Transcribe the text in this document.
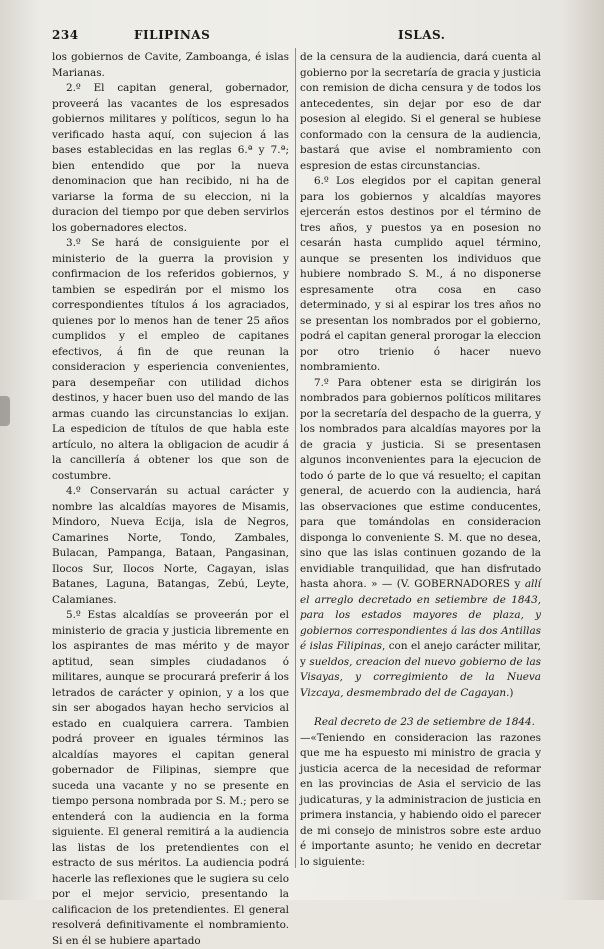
234	FILIPINAS	ISLAS.

los gobiernos de Cavite, Zamboanga, é islas Marianas.

2.º El capitan general, gobernador, proveerá las vacantes de los espresados gobiernos militares y políticos, segun lo ha verificado hasta aquí, con sujecion á las bases establecidas en las reglas 6.ª y 7.ª; bien entendido que por la nueva denominacion que han recibido, ni ha de variarse la forma de su eleccion, ni la duracion del tiempo por que deben servirlos los gobernadores electos.

3.º Se hará de consiguiente por el ministerio de la guerra la provision y confirmacion de los referidos gobiernos, y tambien se espedirán por el mismo los correspondientes títulos á los agraciados, quienes por lo menos han de tener 25 años cumplidos y el empleo de capitanes efectivos, á fin de que reunan la consideracion y esperiencia convenientes, para desempeñar con utilidad dichos destinos, y hacer buen uso del mando de las armas cuando las circunstancias lo exijan. La espedicion de títulos de que habla este artículo, no altera la obligacion de acudir á la cancillería á obtener los que son de costumbre.

4.º Conservarán su actual carácter y nombre las alcaldías mayores de Misamis, Mindoro, Nueva Ecija, isla de Negros, Camarines Norte, Tondo, Zambales, Bulacan, Pampanga, Bataan, Pangasinan, Ilocos Sur, Ilocos Norte, Cagayan, islas Batanes, Laguna, Batangas, Zebú, Leyte, Calamianes.

5.º Estas alcaldías se proveerán por el ministerio de gracia y justicia libremente en los aspirantes de mas mérito y de mayor aptitud, sean simples ciudadanos ó militares, aunque se procurará preferir á los letrados de carácter y opinion, y a los que sin ser abogados hayan hecho servicios al estado en cualquiera carrera. Tambien podrá proveer en iguales términos las alcaldías mayores el capitan general gobernador de Filipinas, siempre que suceda una vacante y no se presente en tiempo persona nombrada por S. M.; pero se entenderá con la audiencia en la forma siguiente. El general remitirá a la audiencia las listas de los pretendientes con el estracto de sus méritos. La audiencia podrá hacerle las reflexiones que le sugiera su celo por el mejor servicio, presentando la calificacion de los pretendientes. El general resolverá definitivamente el nombramiento. Si en él se hubiere apartado

de la censura de la audiencia, dará cuenta al gobierno por la secretaría de gracia y justicia con remision de dicha censura y de todos los antecedentes, sin dejar por eso de dar posesion al elegido. Si el general se hubiese conformado con la censura de la audiencia, bastará que avise el nombramiento con espresion de estas circunstancias.

6.º Los elegidos por el capitan general para los gobiernos y alcaldías mayores ejercerán estos destinos por el término de tres años, y puestos ya en posesion no cesarán hasta cumplido aquel término, aunque se presenten los individuos que hubiere nombrado S. M., á no disponerse espresamente otra cosa en caso determinado, y si al espirar los tres años no se presentan los nombrados por el gobierno, podrá el capitan general prorogar la eleccion por otro trienio ó hacer nuevo nombramiento.

7.º Para obtener esta se dirigirán los nombrados para gobiernos políticos militares por la secretaría del despacho de la guerra, y los nombrados para alcaldías mayores por la de gracia y justicia. Si se presentasen algunos inconvenientes para la ejecucion de todo ó parte de lo que vá resuelto; el capitan general, de acuerdo con la audiencia, hará las observaciones que estime conducentes, para que tomándolas en consideracion disponga lo conveniente S. M. que no desea, sino que las islas continuen gozando de la envidiable tranquilidad, que han disfrutado hasta ahora. » — (V. GOBERNADORES y allí el arreglo decretado en setiembre de 1843, para los estados mayores de plaza, y gobiernos correspondientes á las dos Antillas é islas Filipinas, con el anejo carácter militar, y sueldos, creacion del nuevo gobierno de las Visayas, y corregimiento de la Nueva Vizcaya, desmembrado del de Cagayan.)

Real decreto de 23 de setiembre de 1844.

—«Teniendo en consideracion las razones que me ha espuesto mi ministro de gracia y justicia acerca de la necesidad de reformar en las provincias de Asia el servicio de las judicaturas, y la administracion de justicia en primera instancia, y habiendo oido el parecer de mi consejo de ministros sobre este arduo é importante asunto; he venido en decretar lo siguiente:
